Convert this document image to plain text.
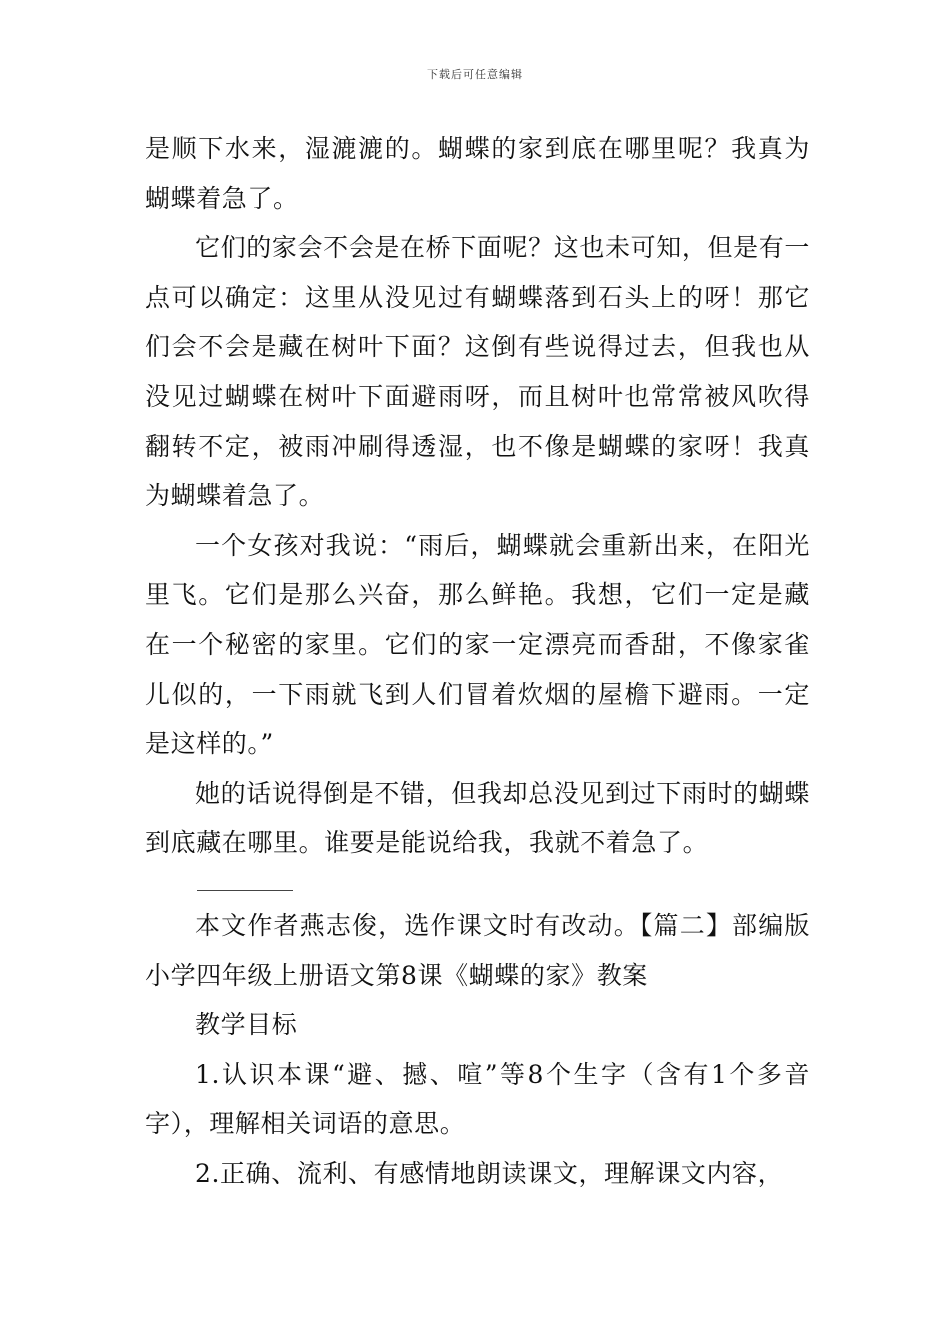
下载后可任意编辑

是顺下水来，湿漉漉的。蝴蝶的家到底在哪里呢？我真为蝴蝶着急了。

它们的家会不会是在桥下面呢？这也未可知，但是有一点可以确定：这里从没见过有蝴蝶落到石头上的呀！那它们会不会是藏在树叶下面？这倒有些说得过去，但我也从没见过蝴蝶在树叶下面避雨呀，而且树叶也常常被风吹得翻转不定，被雨冲刷得透湿，也不像是蝴蝶的家呀！我真为蝴蝶着急了。

一个女孩对我说：“雨后，蝴蝶就会重新出来，在阳光里飞。它们是那么兴奋，那么鲜艳。我想，它们一定是藏在一个秘密的家里。它们的家一定漂亮而香甜，不像家雀儿似的，一下雨就飞到人们冒着炊烟的屋檐下避雨。一定是这样的。”

她的话说得倒是不错，但我却总没见到过下雨时的蝴蝶到底藏在哪里。谁要是能说给我，我就不着急了。

本文作者燕志俊，选作课文时有改动。【篇二】部编版小学四年级上册语文第8课《蝴蝶的家》教案

教学目标

1.认识本课“避、撼、喧”等8个生字（含有1个多音字），理解相关词语的意思。

2.正确、流利、有感情地朗读课文，理解课文内容，
